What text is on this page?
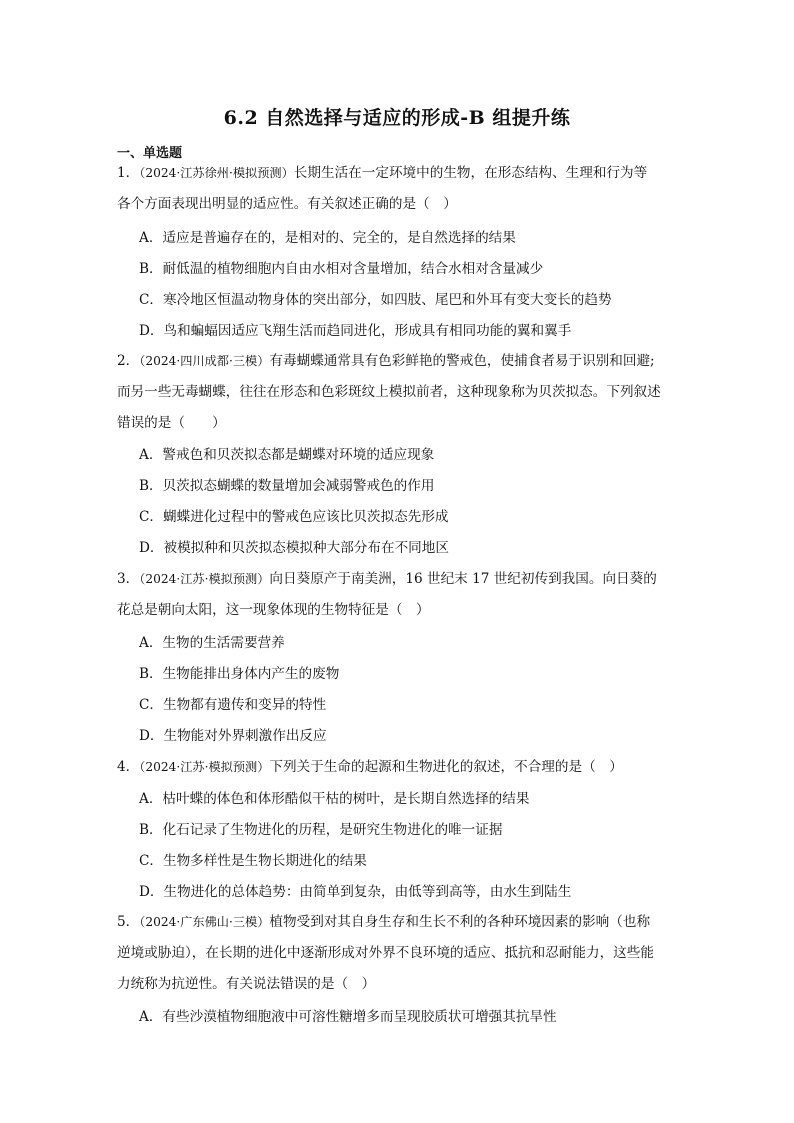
6.2 自然选择与适应的形成-B 组提升练
一、单选题
1．（2024·江苏徐州·模拟预测）长期生活在一定环境中的生物，在形态结构、生理和行为等
各个方面表现出明显的适应性。有关叙述正确的是（　）
A．适应是普遍存在的，是相对的、完全的，是自然选择的结果
B．耐低温的植物细胞内自由水相对含量增加，结合水相对含量减少
C．寒冷地区恒温动物身体的突出部分，如四肢、尾巴和外耳有变大变长的趋势
D．鸟和蝙蝠因适应飞翔生活而趋同进化，形成具有相同功能的翼和翼手
2．（2024·四川成都·三模）有毒蝴蝶通常具有色彩鲜艳的警戒色，使捕食者易于识别和回避;
而另一些无毒蝴蝶，往往在形态和色彩斑纹上模拟前者，这种现象称为贝茨拟态。下列叙述
错误的是（　　）
A．警戒色和贝茨拟态都是蝴蝶对环境的适应现象
B．贝茨拟态蝴蝶的数量增加会减弱警戒色的作用
C．蝴蝶进化过程中的警戒色应该比贝茨拟态先形成
D．被模拟种和贝茨拟态模拟种大部分布在不同地区
3．（2024·江苏·模拟预测）向日葵原产于南美洲，16 世纪末 17 世纪初传到我国。向日葵的
花总是朝向太阳，这一现象体现的生物特征是（　）
A．生物的生活需要营养
B．生物能排出身体内产生的废物
C．生物都有遗传和变异的特性
D．生物能对外界刺激作出反应
4．（2024·江苏·模拟预测）下列关于生命的起源和生物进化的叙述，不合理的是（　）
A．枯叶蝶的体色和体形酷似干枯的树叶，是长期自然选择的结果
B．化石记录了生物进化的历程，是研究生物进化的唯一证据
C．生物多样性是生物长期进化的结果
D．生物进化的总体趋势：由简单到复杂，由低等到高等，由水生到陆生
5．（2024·广东佛山·三模）植物受到对其自身生存和生长不利的各种环境因素的影响（也称
逆境或胁迫），在长期的进化中逐渐形成对外界不良环境的适应、抵抗和忍耐能力，这些能
力统称为抗逆性。有关说法错误的是（　）
A．有些沙漠植物细胞液中可溶性糖增多而呈现胶质状可增强其抗旱性
